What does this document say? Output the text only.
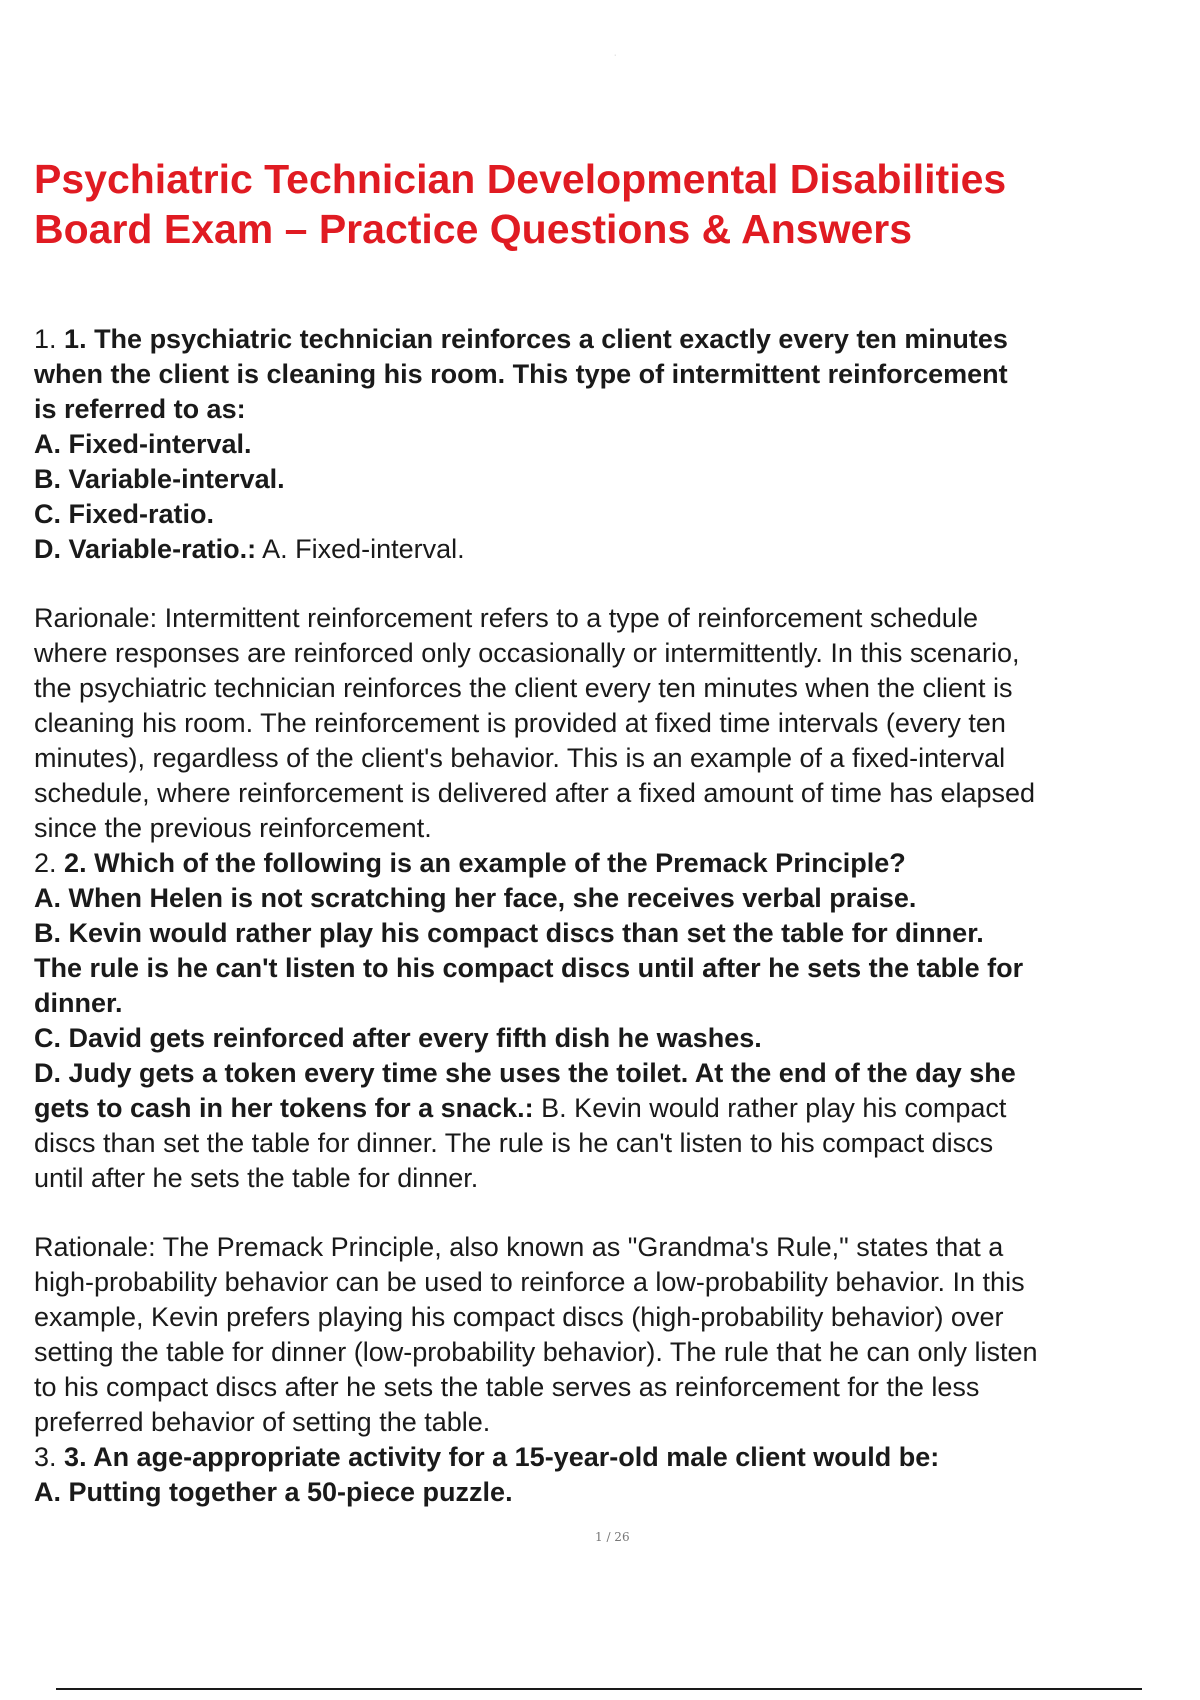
·
Psychiatric Technician Developmental Disabilities
Board Exam – Practice Questions & Answers
1. 1. The psychiatric technician reinforces a client exactly every ten minutes
when the client is cleaning his room. This type of intermittent reinforcement
is referred to as:
A. Fixed-interval.
B. Variable-interval.
C. Fixed-ratio.
D. Variable-ratio.: A. Fixed-interval.
Rarionale: Intermittent reinforcement refers to a type of reinforcement schedule
where responses are reinforced only occasionally or intermittently. In this scenario,
the psychiatric technician reinforces the client every ten minutes when the client is
cleaning his room. The reinforcement is provided at fixed time intervals (every ten
minutes), regardless of the client's behavior. This is an example of a fixed-interval
schedule, where reinforcement is delivered after a fixed amount of time has elapsed
since the previous reinforcement.
2. 2. Which of the following is an example of the Premack Principle?
A. When Helen is not scratching her face, she receives verbal praise.
B. Kevin would rather play his compact discs than set the table for dinner.
The rule is he can't listen to his compact discs until after he sets the table for
dinner.
C. David gets reinforced after every fifth dish he washes.
D. Judy gets a token every time she uses the toilet. At the end of the day she
gets to cash in her tokens for a snack.: B. Kevin would rather play his compact
discs than set the table for dinner. The rule is he can't listen to his compact discs
until after he sets the table for dinner.
Rationale: The Premack Principle, also known as "Grandma's Rule," states that a
high-probability behavior can be used to reinforce a low-probability behavior. In this
example, Kevin prefers playing his compact discs (high-probability behavior) over
setting the table for dinner (low-probability behavior). The rule that he can only listen
to his compact discs after he sets the table serves as reinforcement for the less
preferred behavior of setting the table.
3. 3. An age-appropriate activity for a 15-year-old male client would be:
A. Putting together a 50-piece puzzle.
1 / 26
